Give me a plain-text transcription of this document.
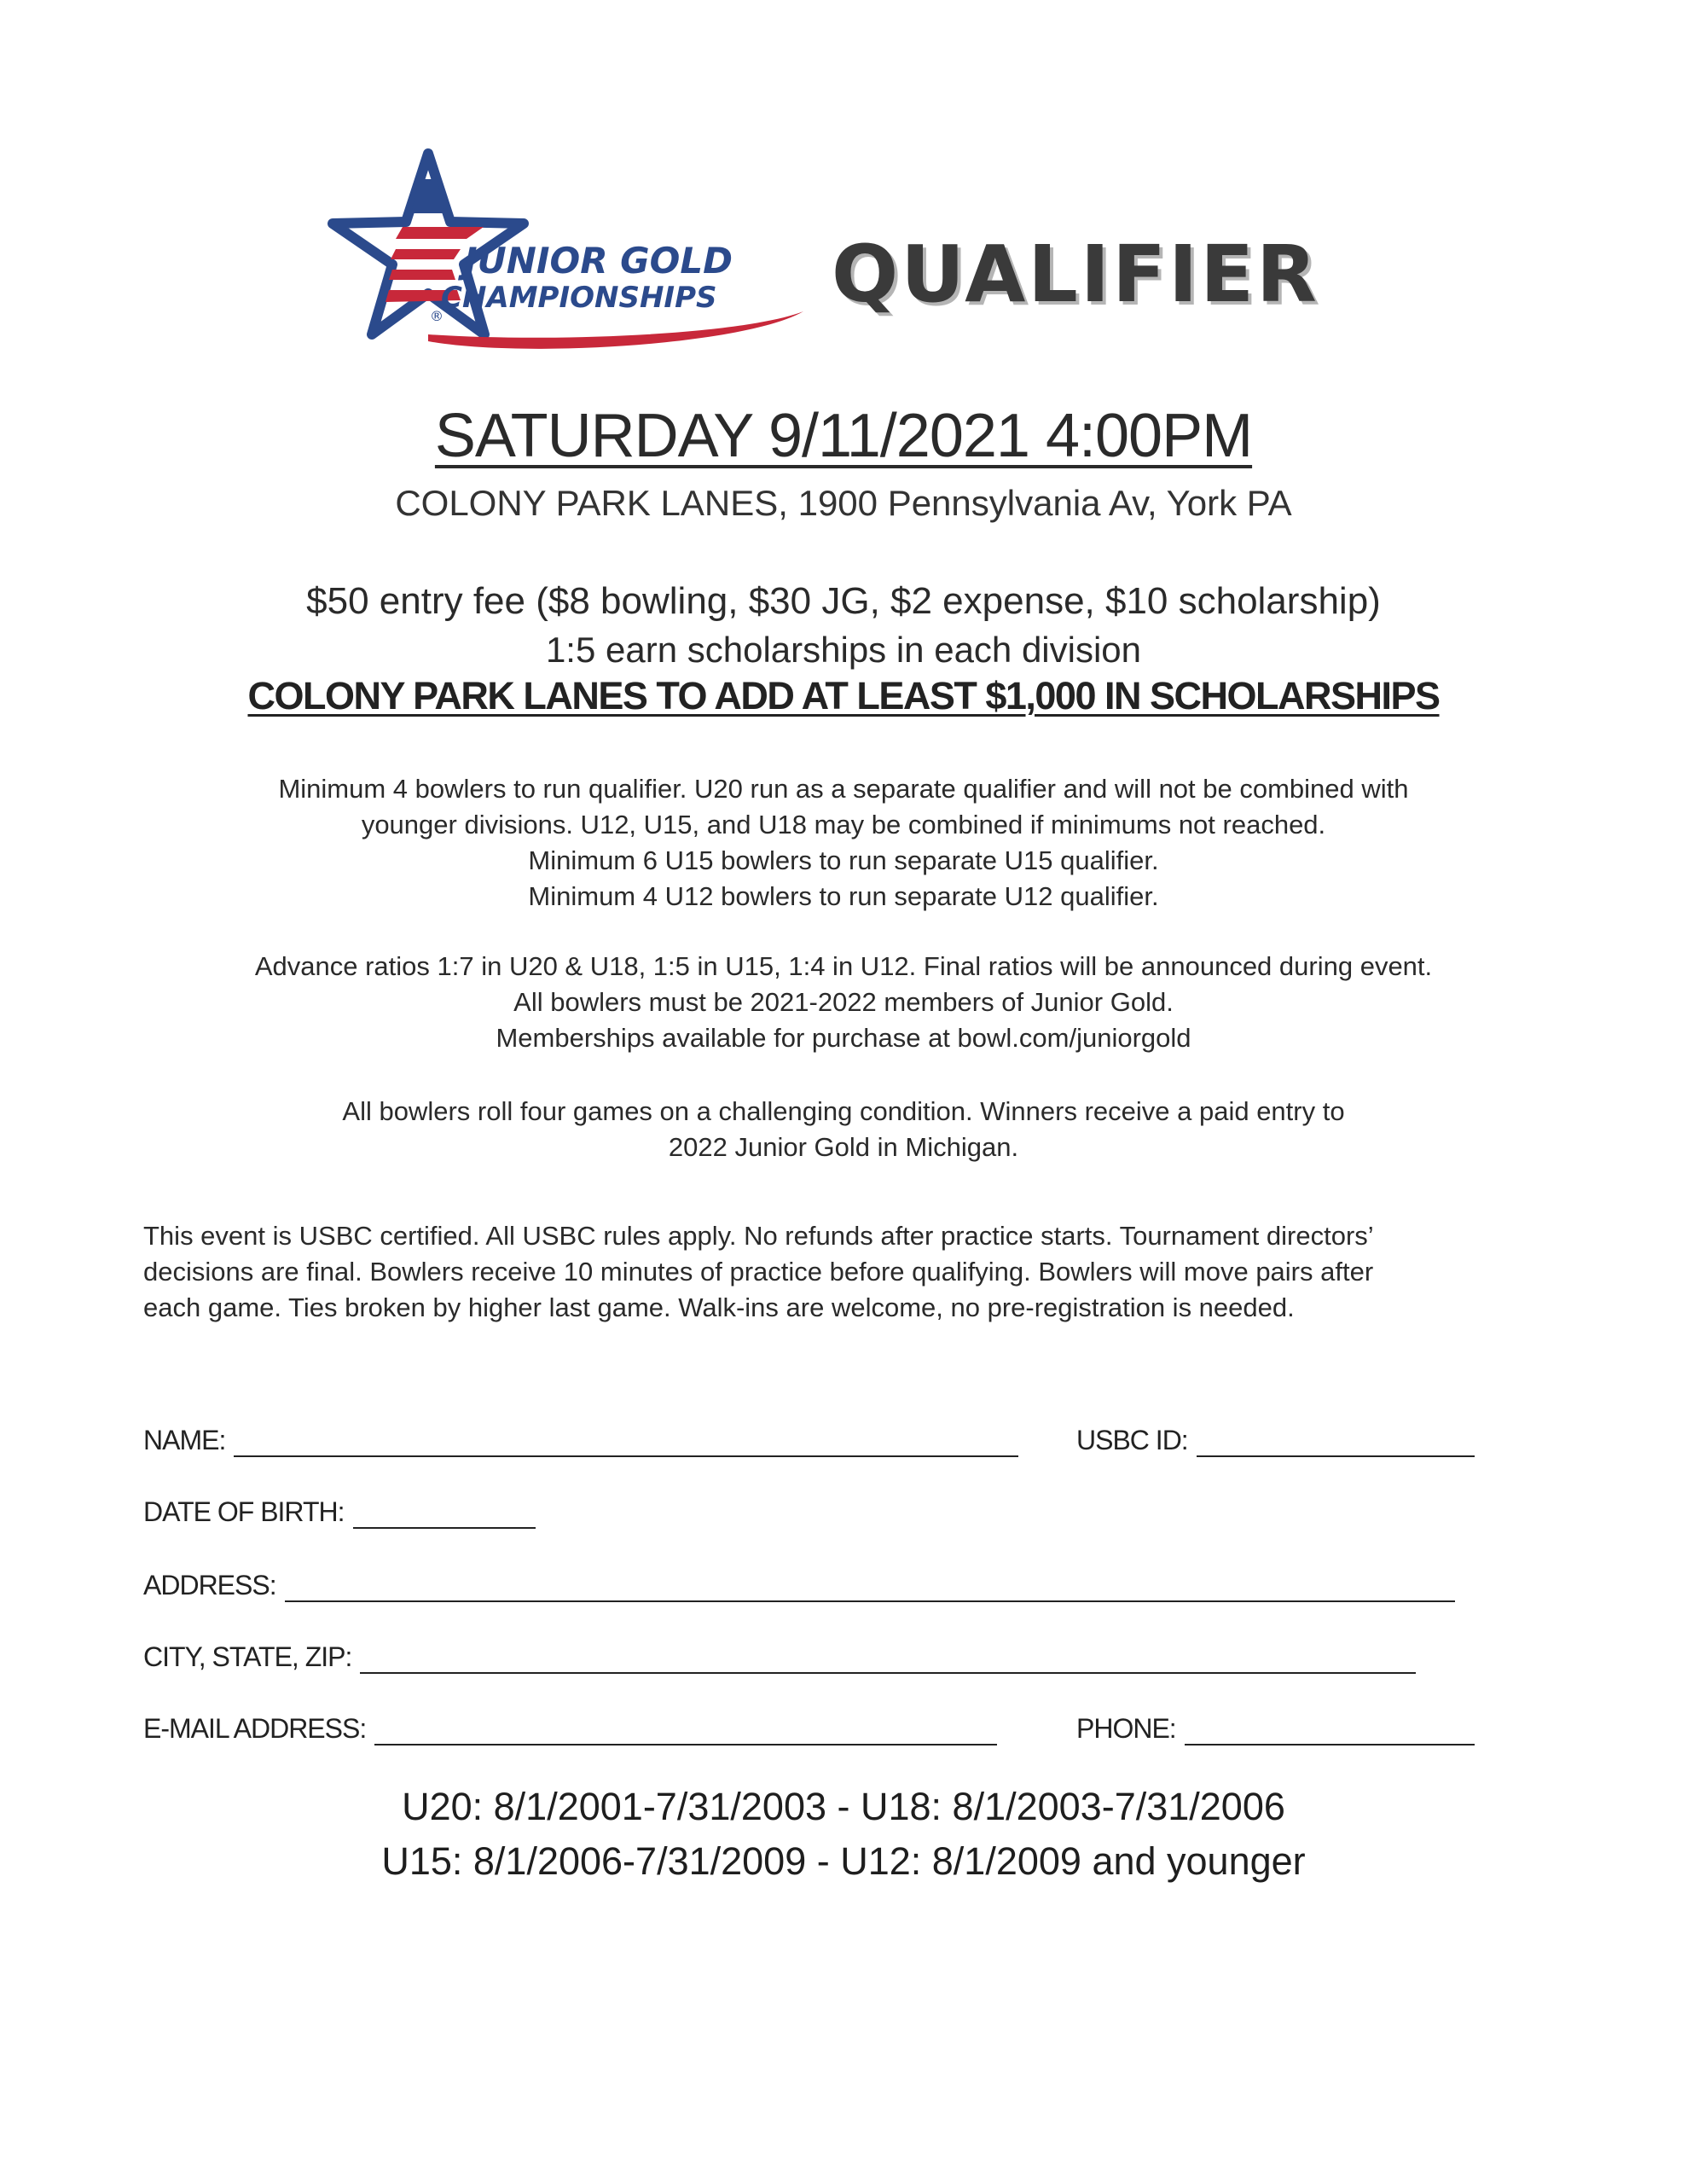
JUNIOR GOLD
CHAMPIONSHIPS
®	QUALIFIER
SATURDAY 9/11/2021 4:00PM
COLONY PARK LANES, 1900 Pennsylvania Av, York PA
$50 entry fee ($8 bowling, $30 JG, $2 expense, $10 scholarship)
1:5 earn scholarships in each division
COLONY PARK LANES TO ADD AT LEAST $1,000 IN SCHOLARSHIPS

Minimum 4 bowlers to run qualifier. U20 run as a separate qualifier and will not be combined with

younger divisions. U12, U15, and U18 may be combined if minimums not reached.

Minimum 6 U15 bowlers to run separate U15 qualifier.

Minimum 4 U12 bowlers to run separate U12 qualifier.

Advance ratios 1:7 in U20 & U18, 1:5 in U15, 1:4 in U12. Final ratios will be announced during event.

All bowlers must be 2021-2022 members of Junior Gold.

Memberships available for purchase at bowl.com/juniorgold

All bowlers roll four games on a challenging condition. Winners receive a paid entry to

2022 Junior Gold in Michigan.

This event is USBC certified. All USBC rules apply. No refunds after practice starts. Tournament directors’

decisions are final. Bowlers receive 10 minutes of practice before qualifying. Bowlers will move pairs after

each game. Ties broken by higher last game. Walk-ins are welcome, no pre-registration is needed.

NAME:	USBC ID:
DATE OF BIRTH:
ADDRESS:
CITY, STATE, ZIP:
E-MAIL ADDRESS:	PHONE:
U20: 8/1/2001-7/31/2003 - U18: 8/1/2003-7/31/2006
U15: 8/1/2006-7/31/2009 - U12: 8/1/2009 and younger
